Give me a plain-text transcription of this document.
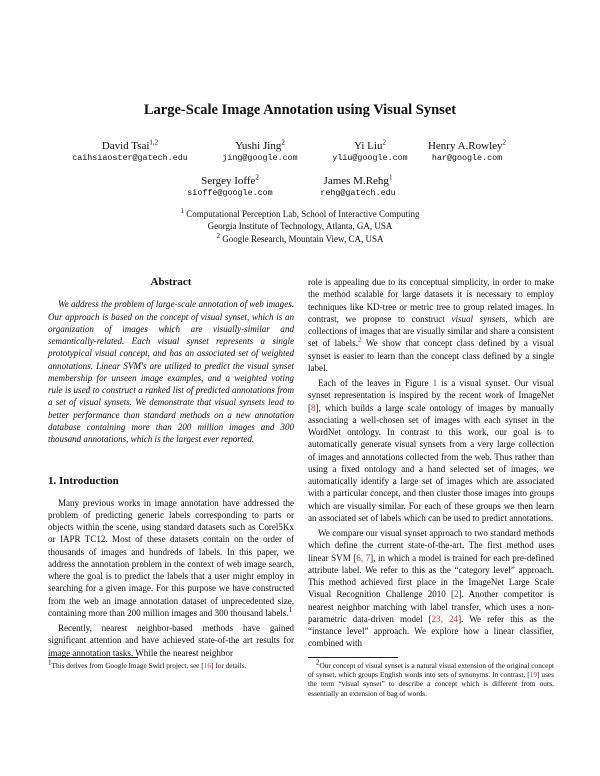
Large-Scale Image Annotation using Visual Synset
David Tsai$^{1,2}$
caihsiaoster@gatech.edu
Yushi Jing$^2$
jing@google.com
Yi Liu$^2$
yliu@google.com
Henry A.Rowley$^2$
har@google.com
Sergey Ioffe$^2$
sioffe@google.com
James M.Rehg$^1$
rehg@gatech.edu
$^1$ Computational Perception Lab, School of Interactive Computing
Georgia Institute of Technology, Atlanta, GA, USA
$^2$ Google Research, Mountain View, CA, USA

Abstract

We address the problem of large-scale annotation of web images. Our approach is based on the concept of visual synset, which is an organization of images which are visually-similar and semantically-related. Each visual synset represents a single prototypical visual concept, and has an associated set of weighted annotations. Linear SVM's are utilized to predict the visual synset membership for unseen image examples, and a weighted voting rule is used to construct a ranked list of predicted annotations from a set of visual synsets. We demonstrate that visual synsets lead to better performance than standard methods on a new annotation database containing more than 200 million images and 300 thousand annotations, which is the largest ever reported.

1. Introduction

Many previous works in image annotation have addressed the problem of predicting generic labels corresponding to parts or objects within the scene, using standard datasets such as Corel5Kx or IAPR TC12. Most of these datasets contain on the order of thousands of images and hundreds of labels. In this paper, we address the annotation problem in the context of web image search, where the goal is to predict the labels that a user might employ in searching for a given image. For this purpose we have constructed from the web an image annotation dataset of unprecedented size, containing more than 200 million images and 300 thousand labels.$^1$

Recently, nearest neighbor-based methods have gained significant attention and have achieved state-of-the art results for image annotation tasks. While the nearest neighbor

role is appealing due to its conceptual simplicity, in order to make the method scalable for large datasets it is necessary to employ techniques like KD-tree or metric tree to group related images. In contrast, we propose to construct visual synsets, which are collections of images that are visually similar and share a consistent set of labels.$^2$ We show that concept class defined by a visual synset is easier to learn than the concept class defined by a single label.

Each of the leaves in Figure 1 is a visual synset. Our visual synset representation is inspired by the recent work of ImageNet [8], which builds a large scale ontology of images by manually associating a well-chosen set of images with each synset in the WordNet ontology. In contrast to this work, our goal is to automatically generate visual synsets from a very large collection of images and annotations collected from the web. Thus rather than using a fixed ontology and a hand selected set of images, we automatically identify a large set of images which are associated with a particular concept, and then cluster those images into groups which are visually similar. For each of these groups we then learn an associated set of labels which can be used to predict annotations.

We compare our visual synset approach to two standard methods which define the current state-of-the-art. The first method uses linear SVM [6, 7], in which a model is trained for each pre-defined attribute label. We refer to this as the “category level” approach. This method achieved first place in the ImageNet Large Scale Visual Recognition Challenge 2010 [2]. Another competitor is nearest neighbor matching with label transfer, which uses a non-parametric data-driven model [23, 24]. We refer this as the “instance level” approach. We explore how a linear classifier, combined with

$^1$This derives from Google Image Swirl project, see [16] for details.	$^2$Our concept of visual synset is a natural visual extension of the original concept of synset, which groups English words into sets of synonyms. In contrast, [19] uses the term “visual synset” to describe a concept which is different from ours, essentially an extension of bag of words.
